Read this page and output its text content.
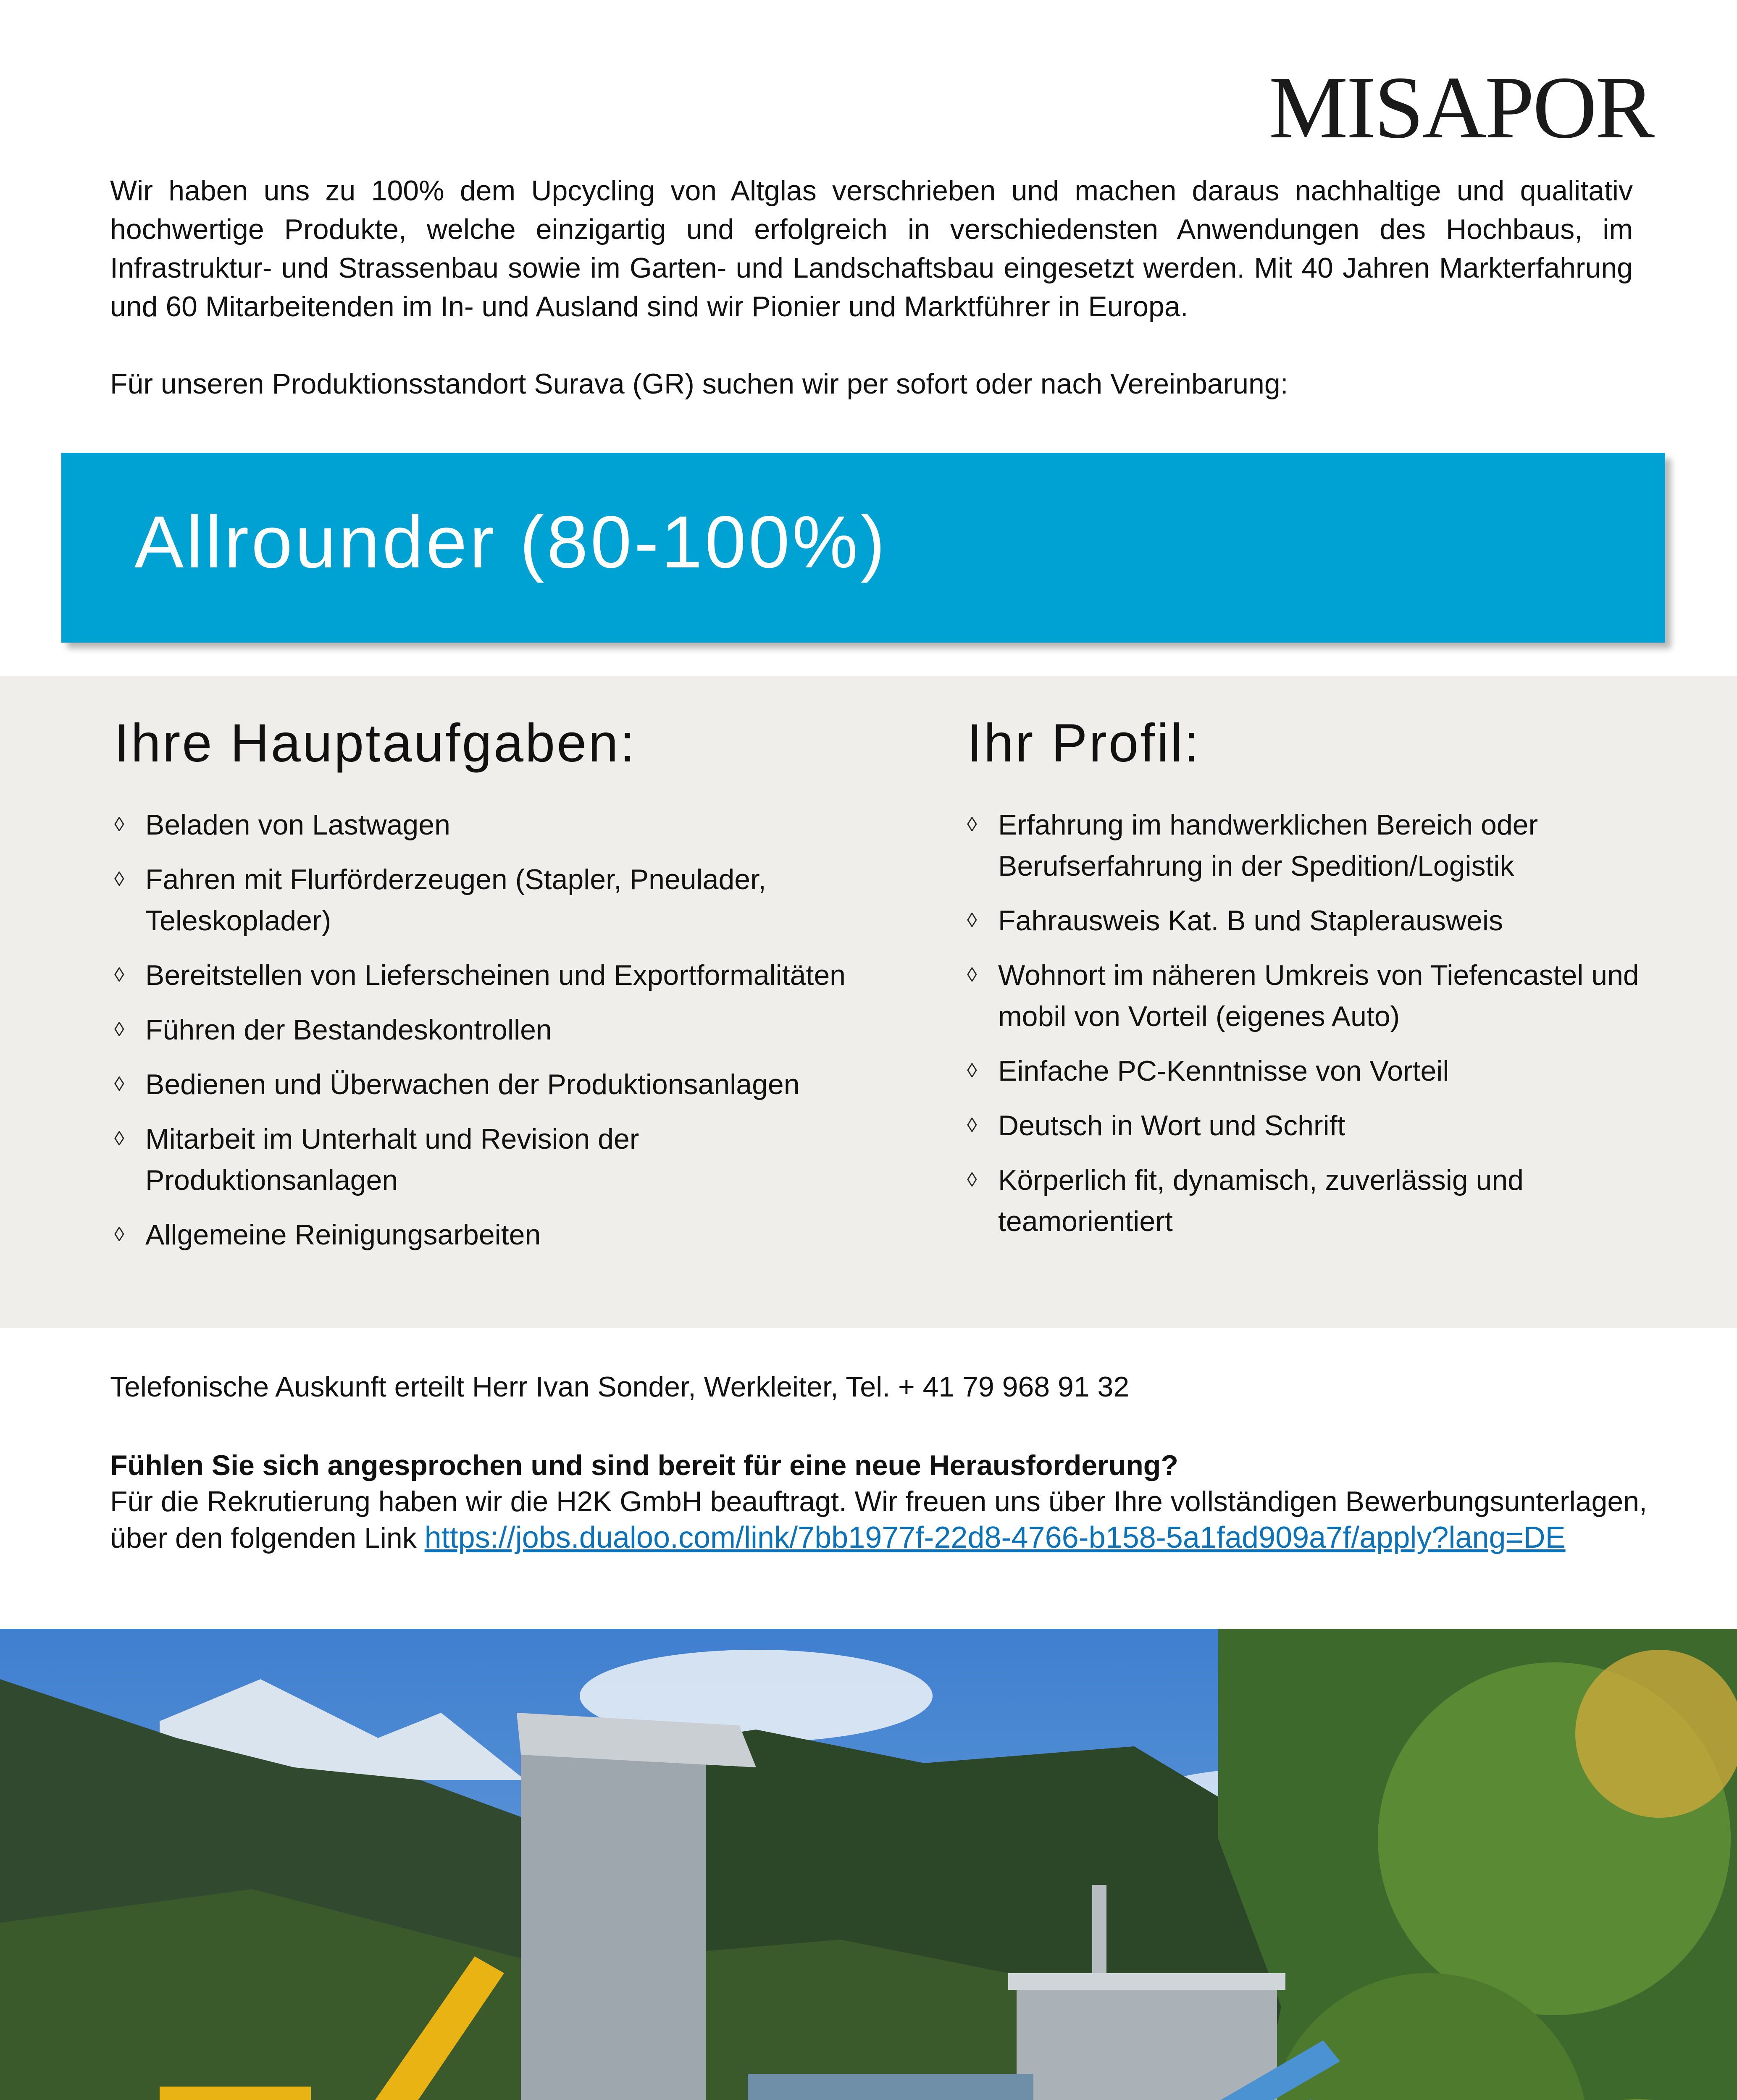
MISAPOR

Wir haben uns zu 100% dem Upcycling von Altglas verschrieben und machen daraus nachhaltige und qualitativ hochwertige Produkte, welche einzigartig und erfolgreich in verschiedensten Anwendungen des Hochbaus, im Infrastruktur- und Strassenbau sowie im Garten- und Landschaftsbau eingesetzt werden. Mit 40 Jahren Markterfahrung und 60 Mitarbeitenden im In- und Ausland sind wir Pionier und Marktführer in Europa.

Für unseren Produktionsstandort Surava (GR) suchen wir per sofort oder nach Vereinbarung:

Allrounder (80-100%)
Ihre Hauptaufgaben:
◊ Beladen von Lastwagen
◊ Fahren mit Flurförderzeugen (Stapler, Pneulader, Teleskoplader)
◊ Bereitstellen von Lieferscheinen und Exportformalitäten
◊ Führen der Bestandeskontrollen
◊ Bedienen und Überwachen der Produktionsanlagen
◊ Mitarbeit im Unterhalt und Revision der Produktionsanlagen
◊ Allgemeine Reinigungsarbeiten
Ihr Profil:
◊ Erfahrung im handwerklichen Bereich oder Berufserfahrung in der Spedition/Logistik
◊ Fahrausweis Kat. B und Staplerausweis
◊ Wohnort im näheren Umkreis von Tiefencastel und mobil von Vorteil (eigenes Auto)
◊ Einfache PC-Kenntnisse von Vorteil
◊ Deutsch in Wort und Schrift
◊ Körperlich fit, dynamisch, zuverlässig und teamorientiert

Telefonische Auskunft erteilt Herr Ivan Sonder, Werkleiter, Tel. + 41 79 968 91 32

Fühlen Sie sich angesprochen und sind bereit für eine neue Herausforderung?
Für die Rekrutierung haben wir die H2K GmbH beauftragt. Wir freuen uns über Ihre vollständigen Bewerbungsunterlagen, über den folgenden Link https://jobs.dualoo.com/link/7bb1977f-22d8-4766-b158-5a1fad909a7f/apply?lang=DE
